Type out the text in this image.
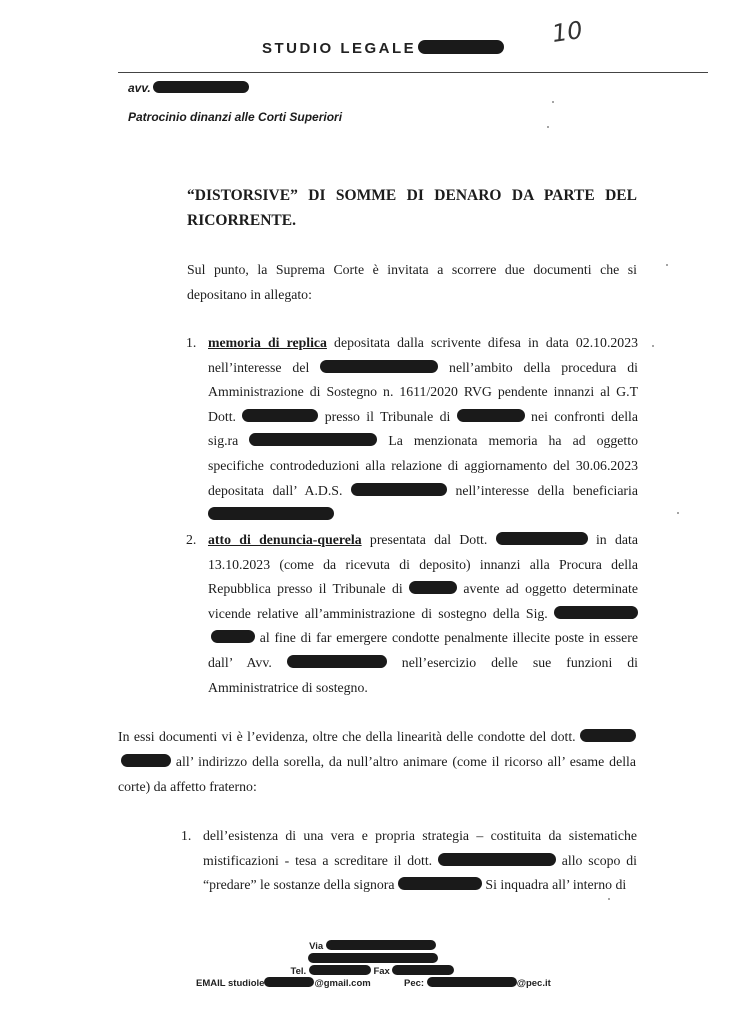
STUDIO LEGALE
10
avv.
Patrocinio dinanzi alle Corti Superiori
“DISTORSIVE” DI SOMME DI DENARO DA PARTE DEL RICORRENTE.
Sul punto, la Suprema Corte è invitata a scorrere due documenti che si depositano in allegato:
1. memoria di replica depositata dalla scrivente difesa in data 02.10.2023 nell’interesse del	nell’ambito della procedura di Amministrazione di Sostegno n. 1611/2020 RVG pendente innanzi al G.T Dott.	presso il Tribunale di	nei confronti della sig.ra	La menzionata memoria ha ad oggetto specifiche controdeduzioni alla relazione di aggiornamento del 30.06.2023 depositata dall’ A.D.S.	nell’interesse della beneficiaria
2. atto di denuncia-querela presentata dal Dott.	in data 13.10.2023 (come da ricevuta di deposito) innanzi alla Procura della Repubblica presso il Tribunale di	avente ad oggetto determinate vicende relative all’amministrazione di sostegno della Sig.  al fine di far emergere condotte penalmente illecite poste in essere dall’ Avv.	nell’esercizio delle sue funzioni di Amministratrice di sostegno.
In essi documenti vi è l’evidenza, oltre che della linearità delle condotte del dott.  all’ indirizzo della sorella, da null’altro animare (come il ricorso all’ esame della corte) da affetto fraterno:
1. dell’esistenza di una vera e propria strategia – costituita da sistematiche mistificazioni - tesa a screditare il dott.	allo scopo di “predare” le sostanze della signora	Si inquadra all’ interno di
Via
Tel.	Fax
EMAIL studiole	@gmail.com	Pec:	@pec.it
